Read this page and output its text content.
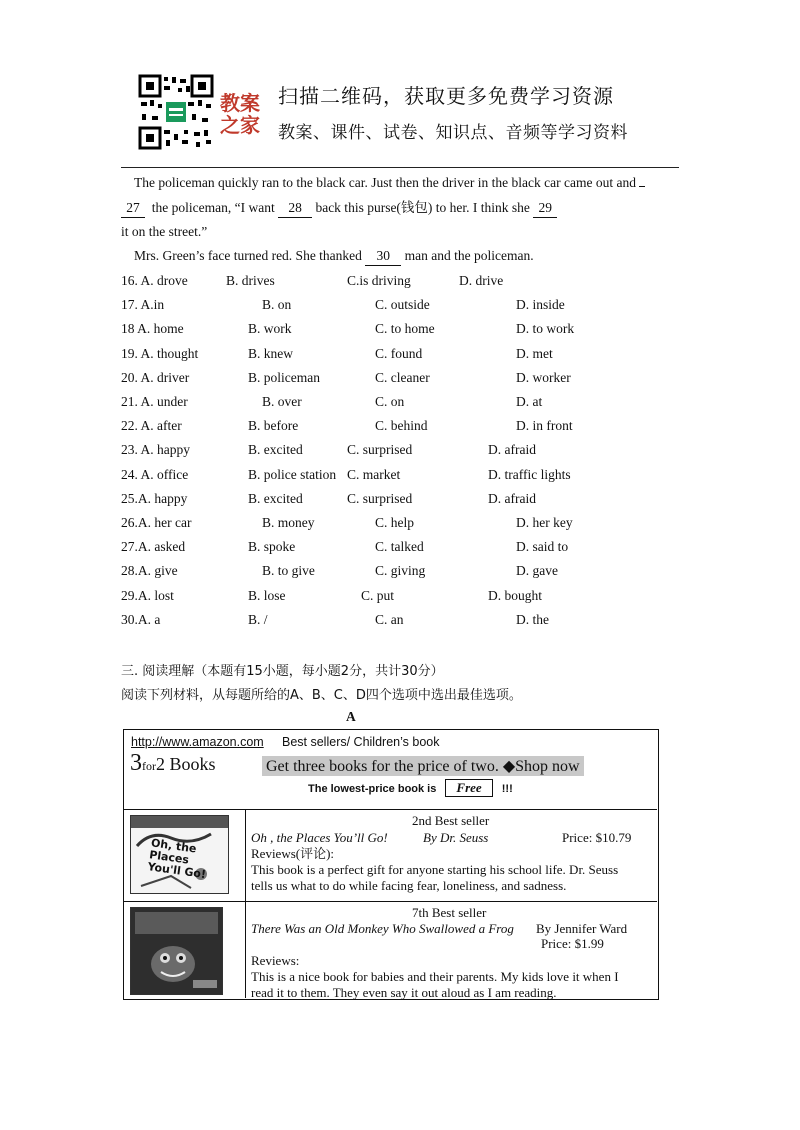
教案
之家
扫描二维码，获取更多免费学习资源
教案、课件、试卷、知识点、音频等学习资料
The policeman quickly ran to the black car. Just then the driver in the black car came out and
27 the policeman, “I want 28 back this purse(钱包) to her. I think she 29
it on the street.”
Mrs. Green’s face turned red. She thanked 30 man and the policeman.
16. A. drove	B. drives	C.is driving	D. drive
17. A.in	B. on	C. outside	D. inside
18 A. home	B. work	C. to home	D. to work
19. A. thought	B. knew	C. found	D. met
20. A. driver	B. policeman	C. cleaner	D. worker
21. A. under	B. over	C. on	D. at
22. A. after	B. before	C. behind	D. in front
23. A. happy	B. excited	C. surprised	D. afraid
24. A. office	B. police station C. market	D. traffic lights
25.A. happy	B. excited	C. surprised	D. afraid
26.A. her car	B. money	C. help	D. her key
27.A. asked	B. spoke	C. talked	D. said to
28.A. give	B. to give	C. giving	D. gave
29.A. lost	B. lose	C. put	D. bought
30.A. a	B. /	C. an	D. the
三. 阅读理解（本题有15小题，每小题2分，共计30分）
阅读下列材料，从每题所给的A、B、C、D四个选项中选出最佳选项。
A
http://www.amazon.com Best sellers/ Children’s book
3for2 Books	Get three books for the price of two. ◆Shop now
The lowest-price book is Free !!!
Oh, the Places You'll Go!
2nd Best seller
Oh , the Places You’ll Go!	By Dr. Seuss	Price: $10.79
Reviews(评论):
This book is a perfect gift for anyone starting his school life. Dr. Seuss
tells us what to do while facing fear, loneliness, and sadness.
7th Best seller
There Was an Old Monkey Who Swallowed a Frog By Jennifer Ward
Price: $1.99
Reviews:
This is a nice book for babies and their parents. My kids love it when I
read it to them. They even say it out aloud as I am reading.
